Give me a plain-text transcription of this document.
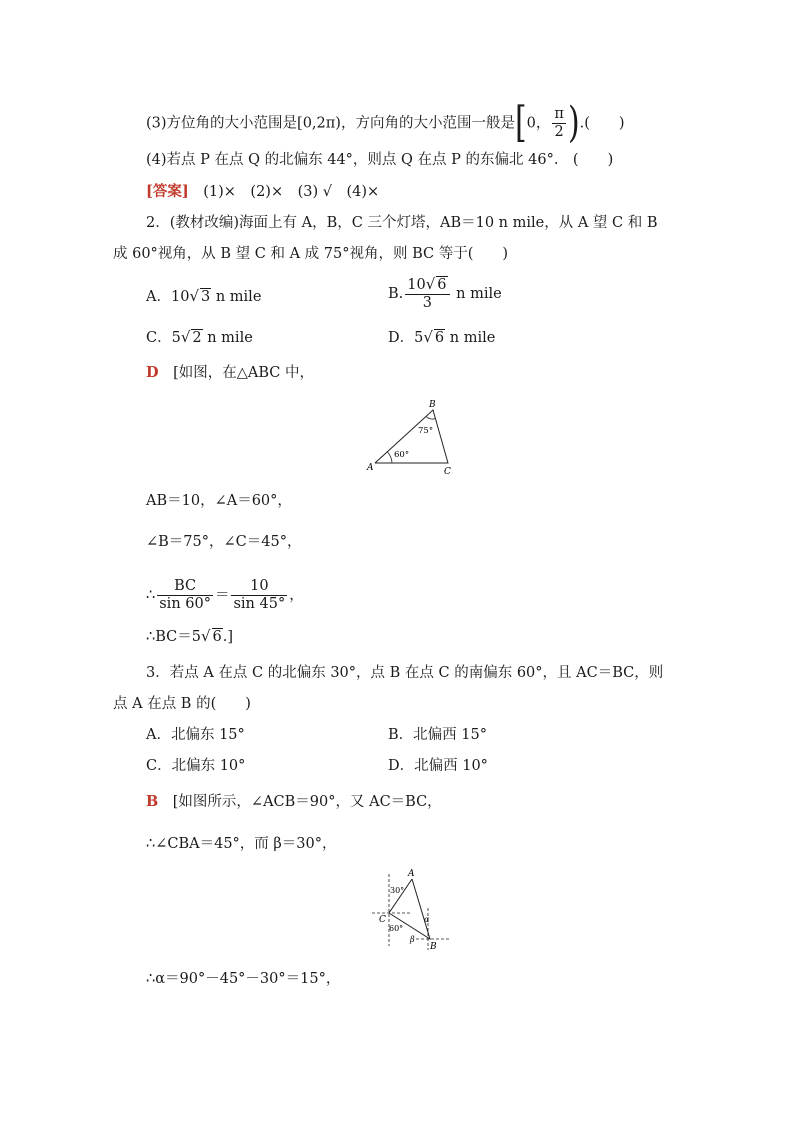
(3)方位角的大小范围是[0,2π)，方向角的大小范围一般是[0， $\frac{\pi}{2}$ ).(　　)
(4)若点 P 在点 Q 的北偏东 44°，则点 Q 在点 P 的东偏北 46°.　(　　)
[答案]　(1)×　(2)×　(3) √　(4)×
2．(教材改编)海面上有 A，B，C 三个灯塔，AB＝10 n mile，从 A 望 C 和 B
成 60°视角，从 B 望 C 和 A 成 75°视角，则 BC 等于(　　)
A．10√ 3 n mile	B. $\frac{10√ 6}{3}$ n mile
C．5√ 2 n mile	D．5√ 6 n mile
D　[如图，在△ABC 中，
A
B
C
60°
75°
AB＝10，∠A＝60°，
∠B＝75°，∠C＝45°，
∴ $\frac{BC}{\sin 60^\circ} = \frac{10}{\sin 45^\circ}$ ，
∴BC＝5√ 6.]
3．若点 A 在点 C 的北偏东 30°，点 B 在点 C 的南偏东 60°，且 AC＝BC，则
点 A 在点 B 的(　　)
A．北偏东 15°	B．北偏西 15°
C．北偏东 10°	D．北偏西 10°
B　[如图所示，∠ACB＝90°，又 AC＝BC，
∴∠CBA＝45°，而 β＝30°，
A
C
B
30°
60°
β
α
∴α＝90°－45°－30°＝15°，
